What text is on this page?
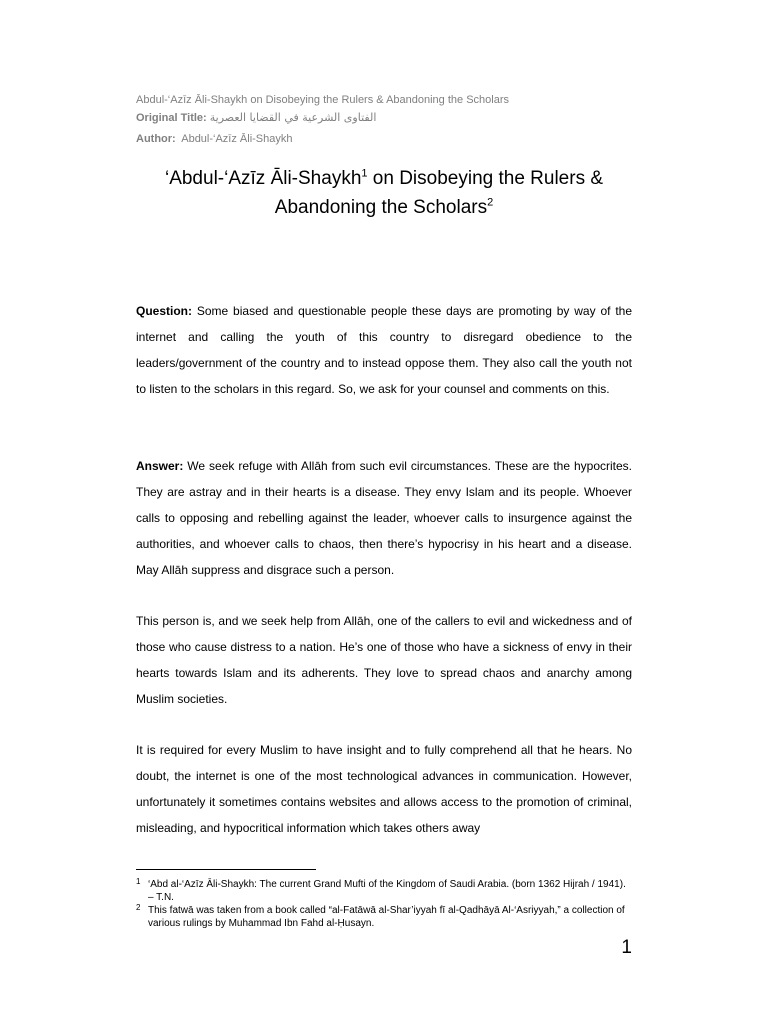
Abdul-‘Azīz Āli-Shaykh on Disobeying the Rulers & Abandoning the Scholars
Original Title: الفتاوى الشرعية في القضايا العصرية
Author: Abdul-‘Azīz Āli-Shaykh
‘Abdul-‘Azīz Āli-Shaykh$^1$ on Disobeying the Rulers &
Abandoning the Scholars$^2$

Question: Some biased and questionable people these days are promoting by way of the internet and calling the youth of this country to disregard obedience to the leaders/government of the country and to instead oppose them. They also call the youth not to listen to the scholars in this regard. So, we ask for your counsel and comments on this.

Answer: We seek refuge with Allāh from such evil circumstances. These are the hypocrites. They are astray and in their hearts is a disease. They envy Islam and its people. Whoever calls to opposing and rebelling against the leader, whoever calls to insurgence against the authorities, and whoever calls to chaos, then there’s hypocrisy in his heart and a disease. May Allāh suppress and disgrace such a person.

This person is, and we seek help from Allāh, one of the callers to evil and wickedness and of those who cause distress to a nation. He’s one of those who have a sickness of envy in their hearts towards Islam and its adherents. They love to spread chaos and anarchy among Muslim societies.

It is required for every Muslim to have insight and to fully comprehend all that he hears. No doubt, the internet is one of the most technological advances in communication. However, unfortunately it sometimes contains websites and allows access to the promotion of criminal, misleading, and hypocritical information which takes others away

1 ‘Abd al-‘Azīz Āli-Shaykh: The current Grand Mufti of the Kingdom of Saudi Arabia. (born 1362 Hijrah / 1941). – T.N.

2 This fatwā was taken from a book called “al-Fatāwā al-Shar’iyyah fī al-Qadhāyā Al-‘Asriyyah,” a collection of various rulings by Muhammad Ibn Fahd al-Ḥusayn.

1
